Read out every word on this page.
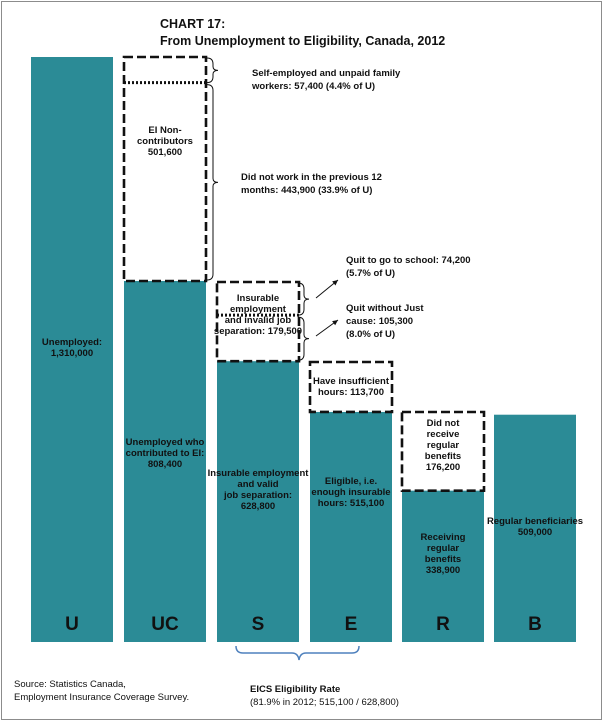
CHART 17:
From Unemployment to Eligibility, Canada, 2012
U	UC	S	E	R	B
Unemployed:
1,310,000
Unemployed who
contributed to EI:
808,400
Insurable employment
and valid
job separation:
628,800
Eligible, i.e.
enough insurable
hours: 515,100
Receiving
regular
benefits
338,900
Regular beneficiaries
509,000
EI Non-
contributors
501,600
Insurable
employment
and invalid job
separation: 179,500
Have insufficient
hours: 113,700
Did not
receive
regular
benefits
176,200
Self-employed and unpaid family
workers: 57,400 (4.4% of U)
Did not work in the previous 12
months: 443,900 (33.9% of U)
Quit to go to school: 74,200
(5.7% of U)
Quit without Just
cause: 105,300
(8.0% of U)
Source: Statistics Canada,
Employment Insurance Coverage Survey.
EICS Eligibility Rate
(81.9% in 2012; 515,100 / 628,800)
